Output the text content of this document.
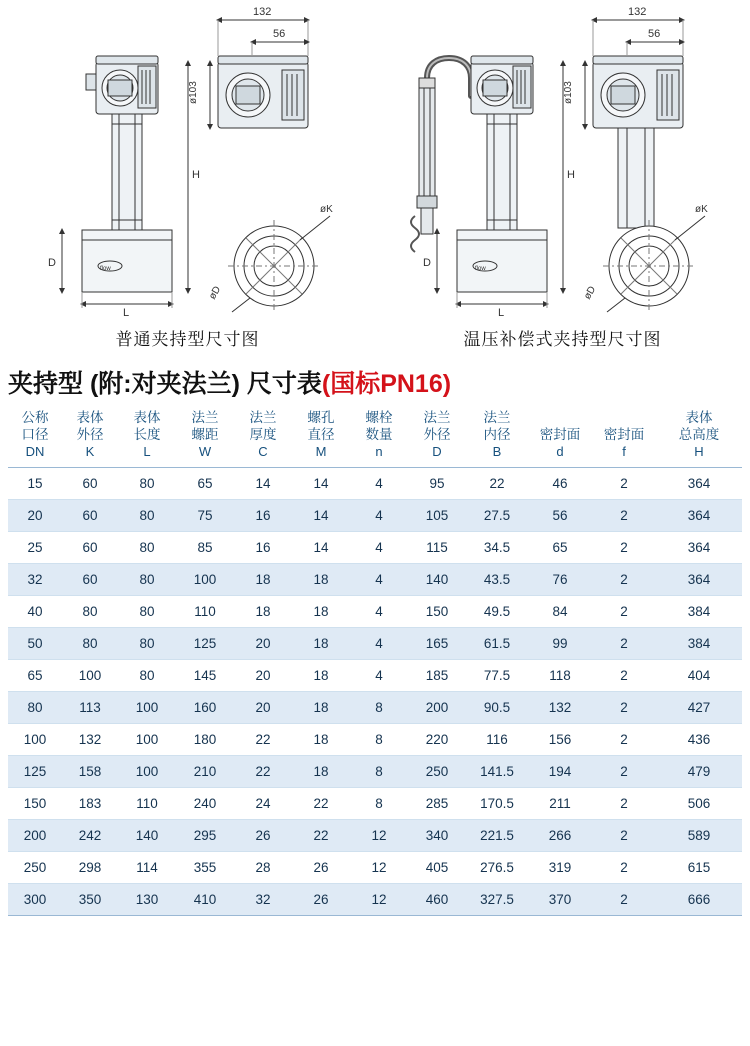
flow
H
D
L
ø103
132
56
øK
øD
普通夹持型尺寸图
flow
H
D
L
ø103
132
56
øK
øD
温压补偿式夹持型尺寸图
夹持型 (附:对夹法兰) 尺寸表(国标PN16)
公称
口径
DN	表体
外径
K	表体
长度
L	法兰
螺距
W	法兰
厚度
C	螺孔
直径
M	螺栓
数量
n	法兰
外径
D	法兰
内径
B	密封面
d	密封面
f	表体
总高度
H

15	60	80	65	14	14	4	95	22	46	2	364
20	60	80	75	16	14	4	105	27.5	56	2	364
25	60	80	85	16	14	4	115	34.5	65	2	364
32	60	80	100	18	18	4	140	43.5	76	2	364
40	80	80	110	18	18	4	150	49.5	84	2	384
50	80	80	125	20	18	4	165	61.5	99	2	384
65	100	80	145	20	18	4	185	77.5	118	2	404
80	113	100	160	20	18	8	200	90.5	132	2	427
100	132	100	180	22	18	8	220	116	156	2	436
125	158	100	210	22	18	8	250	141.5	194	2	479
150	183	110	240	24	22	8	285	170.5	211	2	506
200	242	140	295	26	22	12	340	221.5	266	2	589
250	298	114	355	28	26	12	405	276.5	319	2	615
300	350	130	410	32	26	12	460	327.5	370	2	666
